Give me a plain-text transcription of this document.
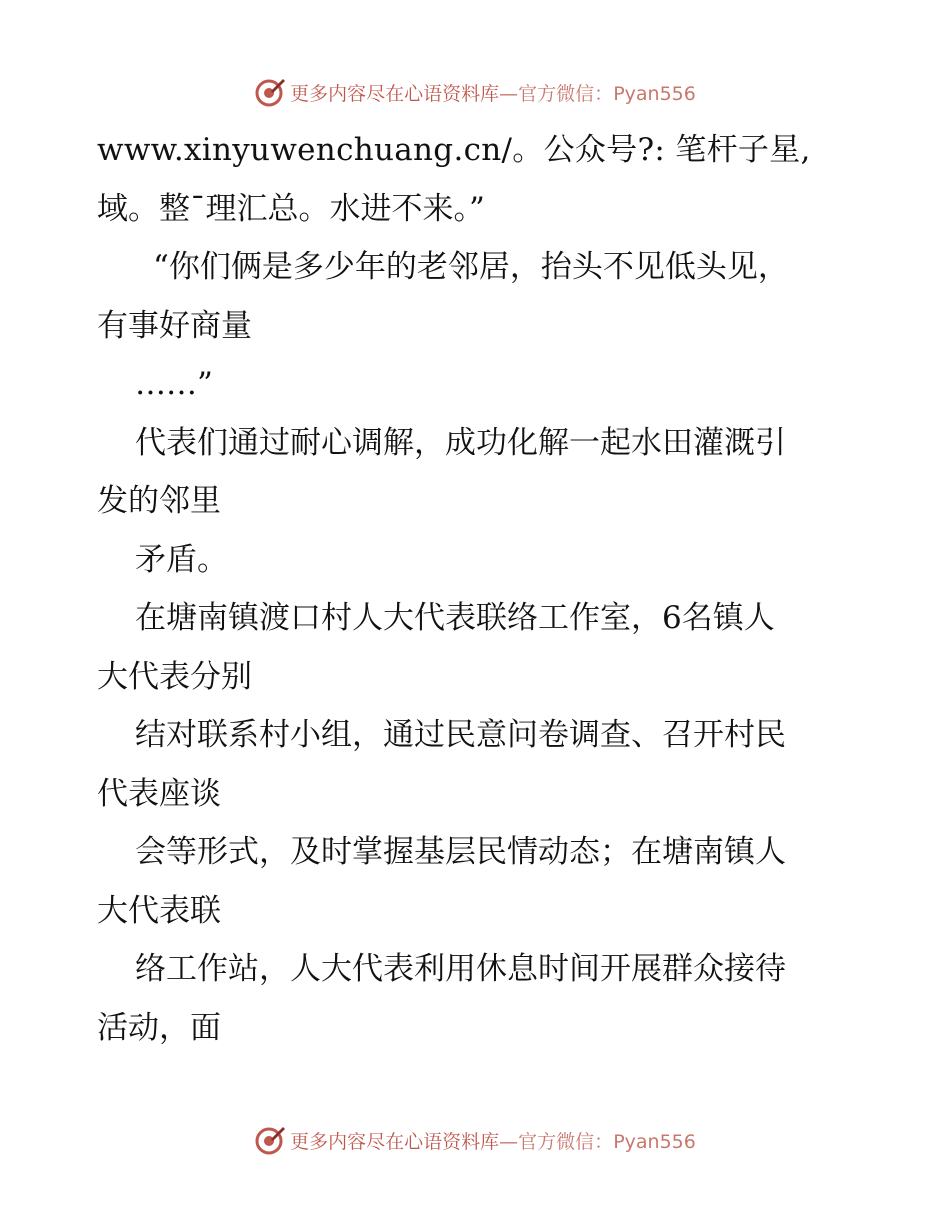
更多内容尽在心语资料库—官方微信：Pyan556
www.xinyuwenchuang.cn/。公众号?: 笔杆子星,
域。整¯理汇总。水进不来。”
“你们俩是多少年的老邻居，抬头不见低头见，
有事好商量
……”
代表们通过耐心调解，成功化解一起水田灌溉引
发的邻里
矛盾。
在塘南镇渡口村人大代表联络工作室，6名镇人
大代表分别
结对联系村小组，通过民意问卷调查、召开村民
代表座谈
会等形式，及时掌握基层民情动态；在塘南镇人
大代表联
络工作站，人大代表利用休息时间开展群众接待
活动，面
更多内容尽在心语资料库—官方微信：Pyan556
